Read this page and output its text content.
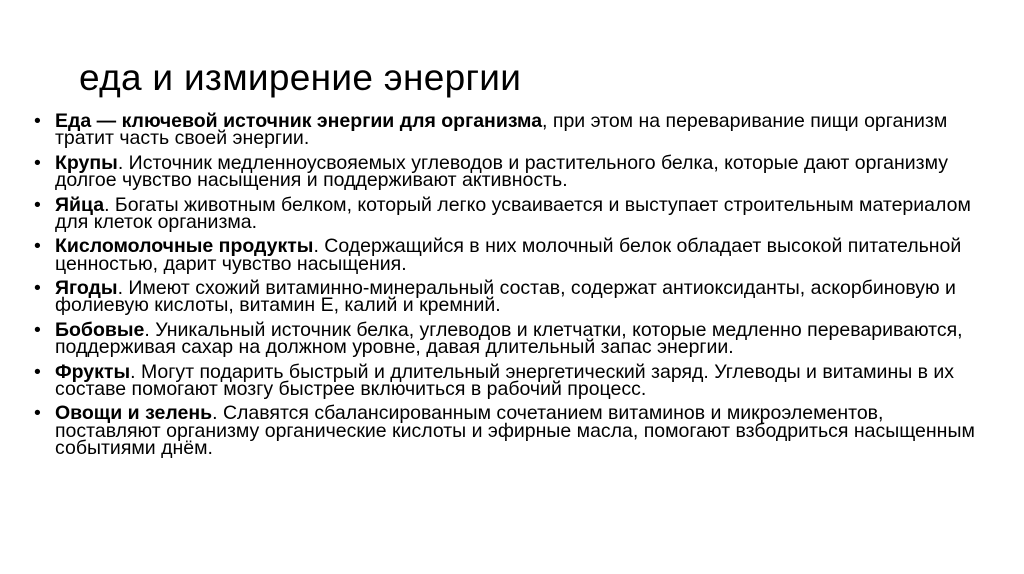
еда и измирение энергии
• Еда — ключевой источник энергии для организма, при этом на переваривание пищи организм тратит часть своей энергии.
• Крупы. Источник медленноусвояемых углеводов и растительного белка, которые дают организму долгое чувство насыщения и поддерживают активность.
• Яйца. Богаты животным белком, который легко усваивается и выступает строительным материалом для клеток организма.
• Кисломолочные продукты. Содержащийся в них молочный белок обладает высокой питательной ценностью, дарит чувство насыщения.
• Ягоды. Имеют схожий витаминно-минеральный состав, содержат антиоксиданты, аскорбиновую и фолиевую кислоты, витамин Е, калий и кремний.
• Бобовые. Уникальный источник белка, углеводов и клетчатки, которые медленно перевариваются, поддерживая сахар на должном уровне, давая длительный запас энергии.
• Фрукты. Могут подарить быстрый и длительный энергетический заряд. Углеводы и витамины в их составе помогают мозгу быстрее включиться в рабочий процесс.
• Овощи и зелень. Славятся сбалансированным сочетанием витаминов и микроэлементов, поставляют организму органические кислоты и эфирные масла, помогают взбодриться насыщенным событиями днём.
